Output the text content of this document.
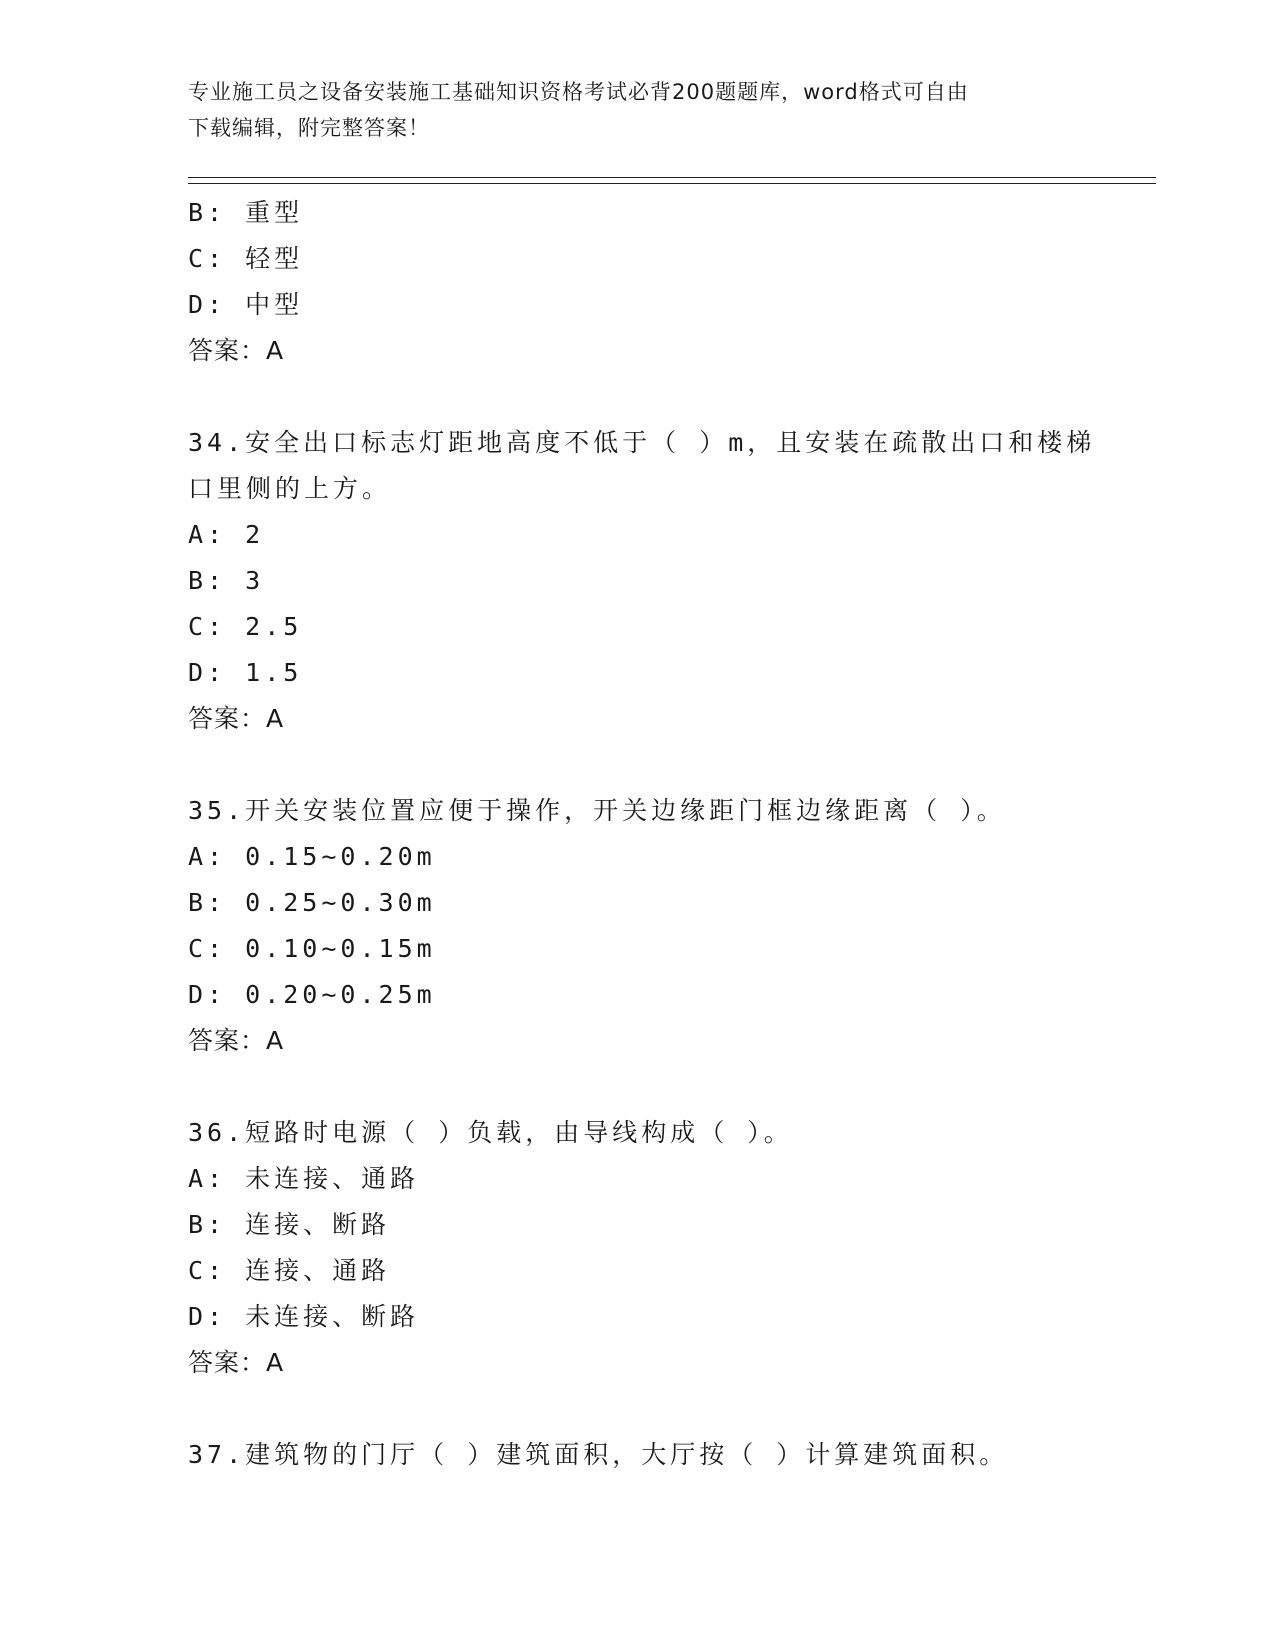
专业施工员之设备安装施工基础知识资格考试必背200题题库，word格式可自由
下载编辑，附完整答案！
B: 重型
C: 轻型
D: 中型
答案：A
34.安全出口标志灯距地高度不低于（ ）m，且安装在疏散出口和楼梯
口里侧的上方。
A: 2
B: 3
C: 2.5
D: 1.5
答案：A
35.开关安装位置应便于操作，开关边缘距门框边缘距离（ ）。
A: 0.15~0.20m
B: 0.25~0.30m
C: 0.10~0.15m
D: 0.20~0.25m
答案：A
36.短路时电源（ ）负载，由导线构成（ ）。
A: 未连接、通路
B: 连接、断路
C: 连接、通路
D: 未连接、断路
答案：A
37.建筑物的门厅（ ）建筑面积，大厅按（ ）计算建筑面积。
